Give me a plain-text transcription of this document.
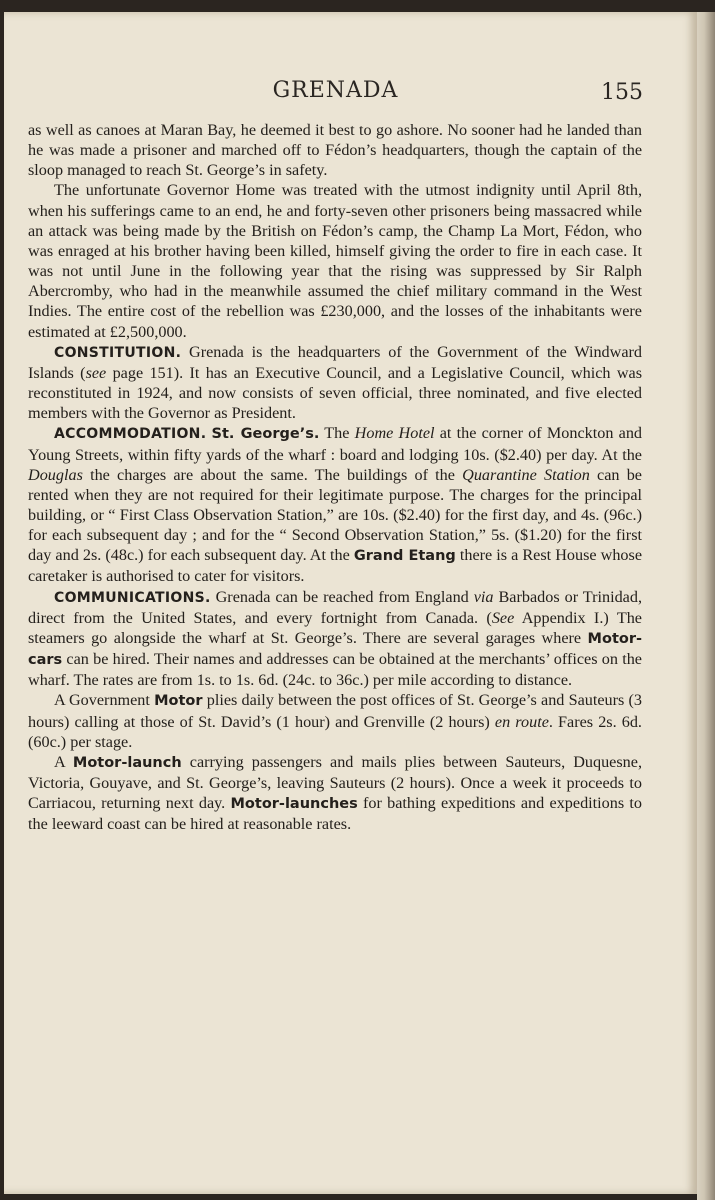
GRENADA	155

as well as canoes at Maran Bay, he deemed it best to go ashore. No sooner had he landed than he was made a prisoner and marched off to Fédon’s headquarters, though the captain of the sloop managed to reach St. George’s in safety.

The unfortunate Governor Home was treated with the utmost indignity until April 8th, when his sufferings came to an end, he and forty-seven other prisoners being massacred while an attack was being made by the British on Fédon’s camp, the Champ La Mort, Fédon, who was enraged at his brother having been killed, himself giving the order to fire in each case. It was not until June in the following year that the rising was suppressed by Sir Ralph Abercromby, who had in the meanwhile assumed the chief military command in the West Indies. The entire cost of the rebellion was £230,000, and the losses of the inhabitants were estimated at £2,500,000.

CONSTITUTION. Grenada is the headquarters of the Government of the Windward Islands (see page 151). It has an Executive Council, and a Legislative Council, which was reconstituted in 1924, and now consists of seven official, three nominated, and five elected members with the Governor as President.

ACCOMMODATION. St. George’s. The Home Hotel at the corner of Monckton and Young Streets, within fifty yards of the wharf : board and lodging 10s. ($2.40) per day. At the Douglas the charges are about the same. The buildings of the Quarantine Station can be rented when they are not required for their legitimate purpose. The charges for the principal building, or “ First Class Observation Station,” are 10s. ($2.40) for the first day, and 4s. (96c.) for each subsequent day ; and for the “ Second Observation Station,” 5s. ($1.20) for the first day and 2s. (48c.) for each subsequent day. At the Grand Etang there is a Rest House whose caretaker is authorised to cater for visitors.

COMMUNICATIONS. Grenada can be reached from England via Barbados or Trinidad, direct from the United States, and every fortnight from Canada. (See Appendix I.) The steamers go alongside the wharf at St. George’s. There are several garages where Motor-cars can be hired. Their names and addresses can be obtained at the merchants’ offices on the wharf. The rates are from 1s. to 1s. 6d. (24c. to 36c.) per mile according to distance.

A Government Motor plies daily between the post offices of St. George’s and Sauteurs (3 hours) calling at those of St. David’s (1 hour) and Grenville (2 hours) en route. Fares 2s. 6d. (60c.) per stage.

A Motor-launch carrying passengers and mails plies between Sauteurs, Duquesne, Victoria, Gouyave, and St. George’s, leaving Sauteurs (2 hours). Once a week it proceeds to Carriacou, returning next day. Motor-launches for bathing expeditions and expeditions to the leeward coast can be hired at reasonable rates.
